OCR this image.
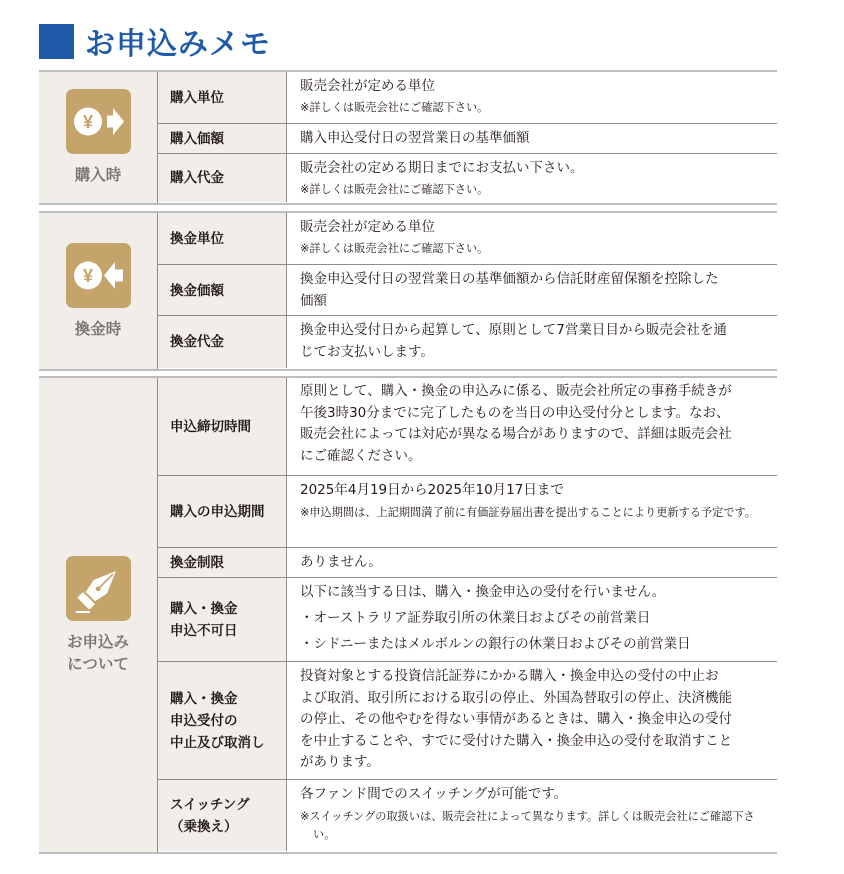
お申込みメモ
¥
購入時
購入単位
販売会社が定める単位
※詳しくは販売会社にご確認下さい。
購入価額	購入申込受付日の翌営業日の基準価額
購入代金
販売会社の定める期日までにお支払い下さい。
※詳しくは販売会社にご確認下さい。
¥
換金時
換金単位
販売会社が定める単位
※詳しくは販売会社にご確認下さい。
換金価額
換金申込受付日の翌営業日の基準価額から信託財産留保額を控除した
価額
換金代金
換金申込受付日から起算して、原則として7営業日目から販売会社を通
じてお支払いします。
お申込み
について
申込締切時間
原則として、購入・換金の申込みに係る、販売会社所定の事務手続きが
午後3時30分までに完了したものを当日の申込受付分とします。なお、
販売会社によっては対応が異なる場合がありますので、詳細は販売会社
にご確認ください。
購入の申込期間
2025年4月19日から2025年10月17日まで
※申込期間は、上記期間満了前に有価証券届出書を提出することにより更新する予定です。
換金制限	ありません。
購入・換金
申込不可日
以下に該当する日は、購入・換金申込の受付を行いません。
・オーストラリア証券取引所の休業日およびその前営業日
・シドニーまたはメルボルンの銀行の休業日およびその前営業日
購入・換金
申込受付の
中止及び取消し
投資対象とする投資信託証券にかかる購入・換金申込の受付の中止お
よび取消、取引所における取引の停止、外国為替取引の停止、決済機能
の停止、その他やむを得ない事情があるときは、購入・換金申込の受付
を中止することや、すでに受付けた購入・換金申込の受付を取消すこと
があります。
スイッチング
（乗換え）
各ファンド間でのスイッチングが可能です。
※スイッチングの取扱いは、販売会社によって異なります。詳しくは販売会社にご確認下さい。
